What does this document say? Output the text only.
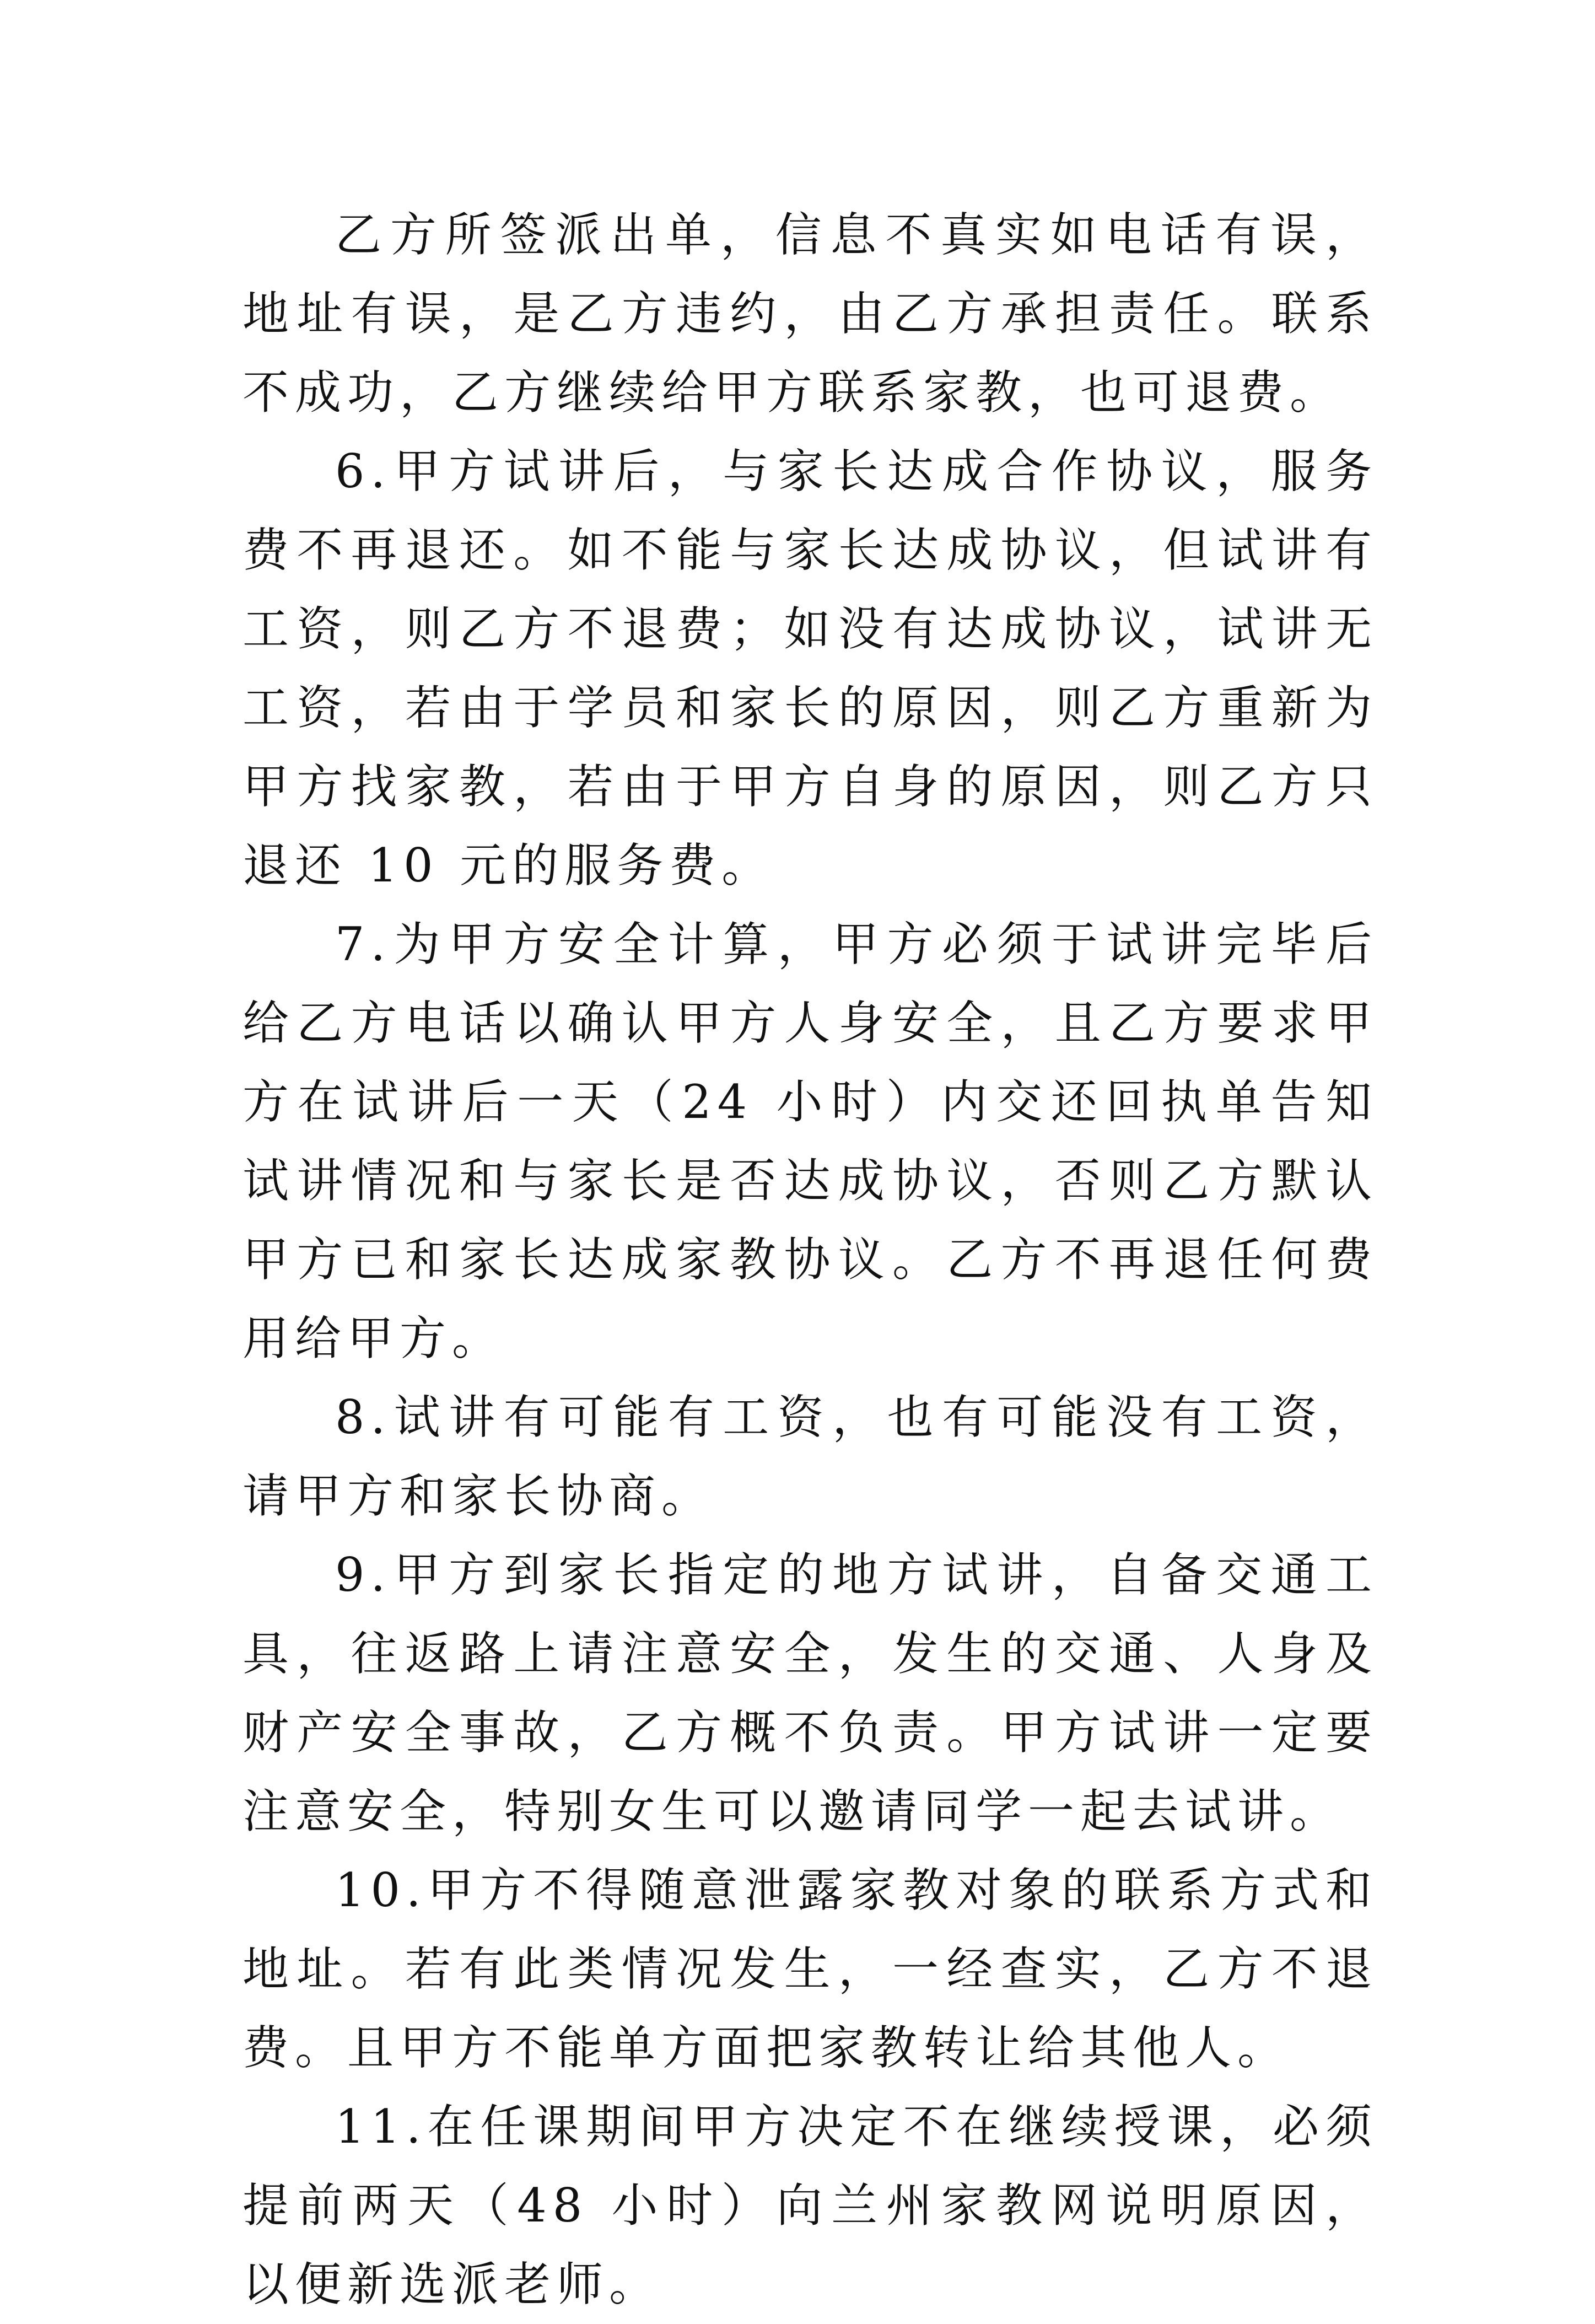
乙方所签派出单，信息不真实如电话有误，地址有误，是乙方违约，由乙方承担责任。联系不成功，乙方继续给甲方联系家教，也可退费。

6.甲方试讲后，与家长达成合作协议，服务费不再退还。如不能与家长达成协议，但试讲有工资，则乙方不退费；如没有达成协议，试讲无工资，若由于学员和家长的原因，则乙方重新为甲方找家教，若由于甲方自身的原因，则乙方只退还 10 元的服务费。

7.为甲方安全计算，甲方必须于试讲完毕后给乙方电话以确认甲方人身安全，且乙方要求甲方在试讲后一天（24 小时）内交还回执单告知试讲情况和与家长是否达成协议，否则乙方默认甲方已和家长达成家教协议。乙方不再退任何费用给甲方。

8.试讲有可能有工资，也有可能没有工资，请甲方和家长协商。

9.甲方到家长指定的地方试讲，自备交通工具，往返路上请注意安全，发生的交通、人身及财产安全事故，乙方概不负责。甲方试讲一定要注意安全，特别女生可以邀请同学一起去试讲。

10.甲方不得随意泄露家教对象的联系方式和地址。若有此类情况发生，一经查实，乙方不退费。且甲方不能单方面把家教转让给其他人。

11.在任课期间甲方决定不在继续授课，必须提前两天（48 小时）向兰州家教网说明原因，以便新选派老师。
